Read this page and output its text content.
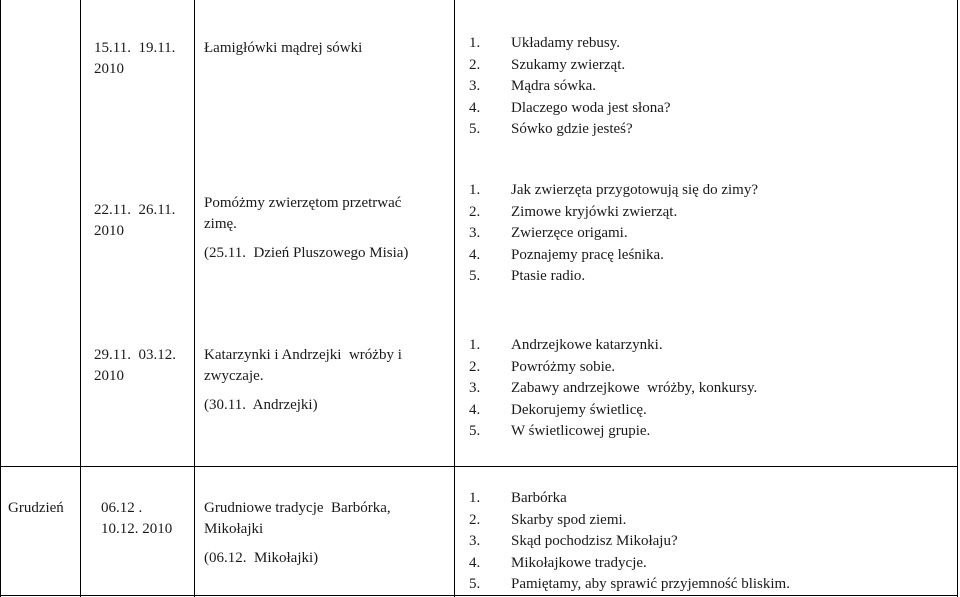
15.11.  19.11.
2010
Łamigłówki mądrej sówki	1. Układamy rebusy.
2. Szukamy zwierząt.
3. Mądra sówka.
4. Dlaczego woda jest słona?
5. Sówko gdzie jesteś?
22.11.  26.11.
2010
Pomóżmy zwierzętom przetrwać
zimę.
(25.11.  Dzień Pluszowego Misia)
1. Jak zwierzęta przygotowują się do zimy?
2. Zimowe kryjówki zwierząt.
3. Zwierzęce origami.
4. Poznajemy pracę leśnika.
5. Ptasie radio.
29.11.  03.12.
2010
Katarzynki i Andrzejki  wróżby i
zwyczaje.
(30.11.  Andrzejki)
1. Andrzejkowe katarzynki.
2. Powróżmy sobie.
3. Zabawy andrzejkowe  wróżby, konkursy.
4. Dekorujemy świetlicę.
5. W świetlicowej grupie.
Grudzień 06.12 .
10.12. 2010
Grudniowe tradycje  Barbórka,
Mikołajki
(06.12.  Mikołajki)
1. Barbórka
2. Skarby spod ziemi.
3. Skąd pochodzisz Mikołaju?
4. Mikołajkowe tradycje.
5. Pamiętamy, aby sprawić przyjemność bliskim.
